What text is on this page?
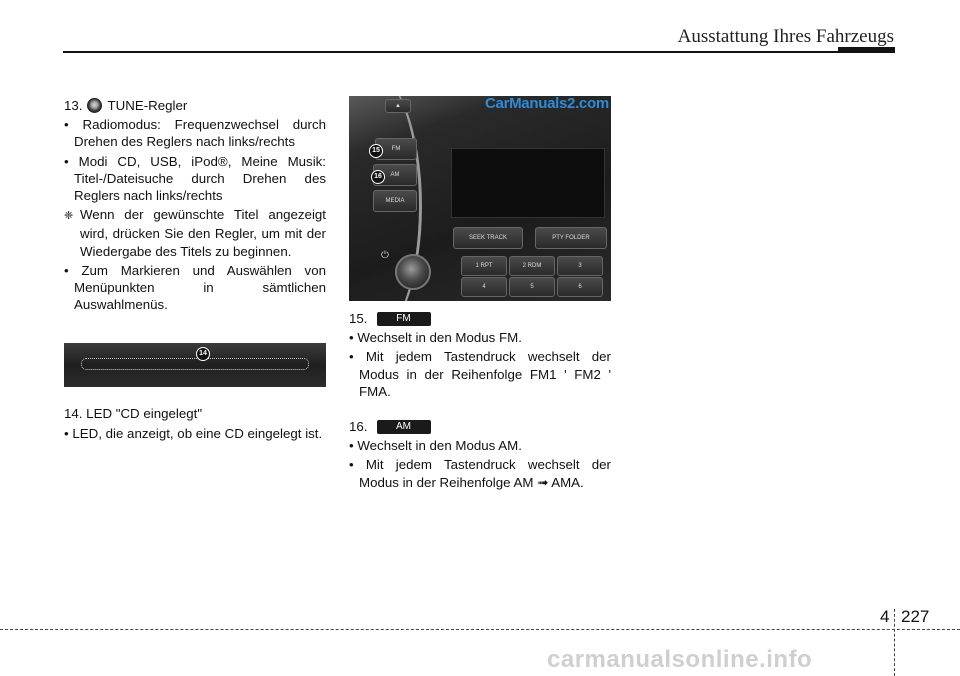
Ausstattung Ihres Fahrzeugs
13. TUNE-Regler
• Radiomodus: Frequenzwechsel durch Drehen des Reglers nach links/rechts
• Modi CD, USB, iPod®, Meine Musik: Titel-/Dateisuche durch Drehen des Reglers nach links/rechts
❈ Wenn der gewünschte Titel angezeigt wird, drücken Sie den Regler, um mit der Wiedergabe des Titels zu beginnen.
• Zum Markieren und Auswählen von Menüpunkten in sämtlichen Auswahlmenüs.
14
14. LED "CD eingelegt"
• LED, die anzeigt, ob eine CD eingelegt ist.
▲	CarManuals2.com
FM
AM
MEDIA
SEEK TRACK	PTY FOLDER
⏻
1 RPT	2 RDM	3
4	5	6
15
16
15.	FM
• Wechselt in den Modus FM.
• Mit jedem Tastendruck wechselt der Modus in der Reihenfolge FM1 ' FM2 ' FMA.
16.	AM
• Wechselt in den Modus AM.
• Mit jedem Tastendruck wechselt der Modus in der Reihenfolge AM ➟ AMA.
4 227
carmanualsonline.info
